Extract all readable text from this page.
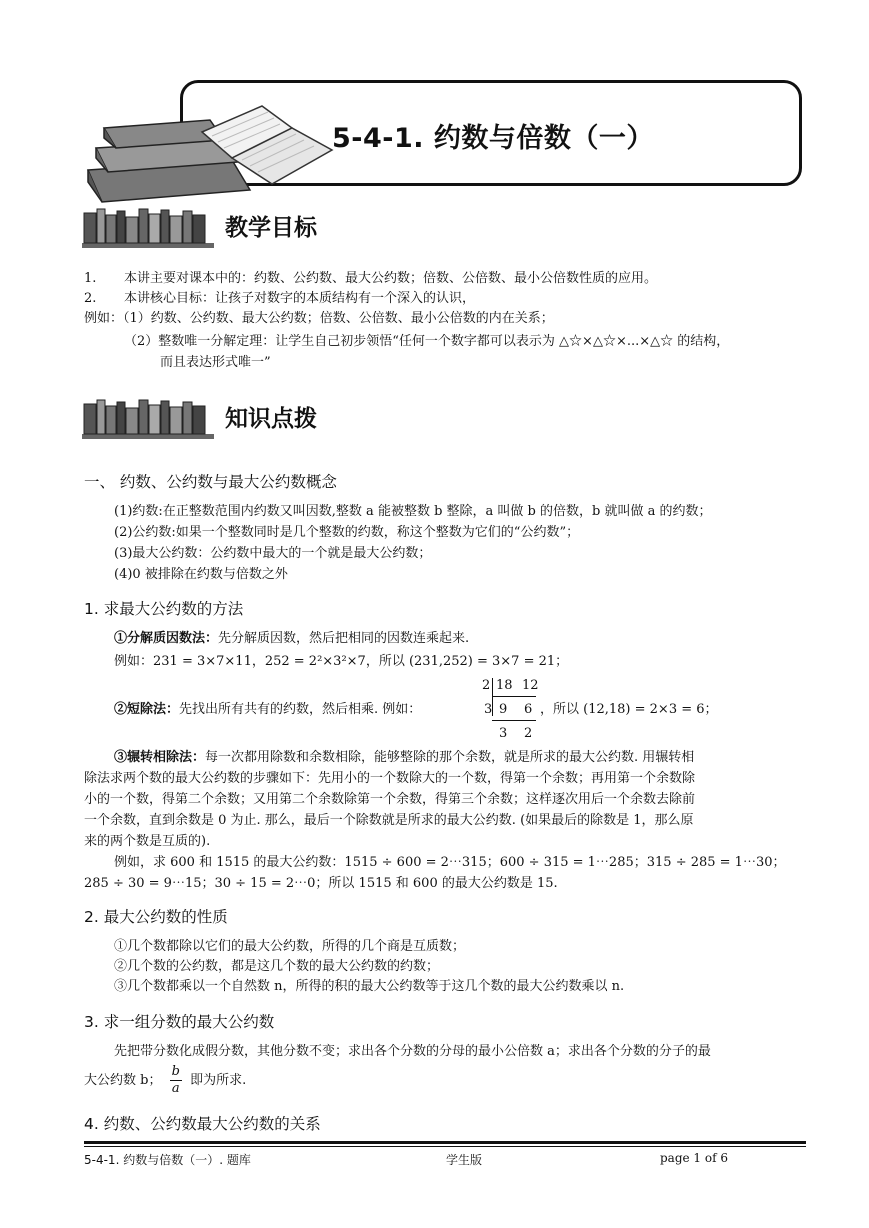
5-4-1. 约数与倍数（一）
教学目标
1. 本讲主要对课本中的：约数、公约数、最大公约数；倍数、公倍数、最小公倍数性质的应用。
2. 本讲核心目标：让孩子对数字的本质结构有一个深入的认识，
例如：（1）约数、公约数、最大公约数；倍数、公倍数、最小公倍数的内在关系；
（2）整数唯一分解定理：让学生自己初步领悟“任何一个数字都可以表示为 △☆×△☆×...×△☆ 的结构，
而且表达形式唯一”
知识点拨
一、 约数、公约数与最大公约数概念
(1)约数:在正整数范围内约数又叫因数,整数 a 能被整数 b 整除，a 叫做 b 的倍数，b 就叫做 a 的约数；
(2)公约数:如果一个整数同时是几个整数的约数，称这个整数为它们的“公约数”；
(3)最大公约数：公约数中最大的一个就是最大公约数；
(4)0 被排除在约数与倍数之外
1. 求最大公约数的方法
①分解质因数法：先分解质因数，然后把相同的因数连乘起来.
例如：231 = 3×7×11，252 = 2²×3²×7，所以 (231,252) = 3×7 = 21；
②短除法：先找出所有共有的约数，然后相乘. 例如：
2 18 12
3 9 6
3 2
，所以 (12,18) = 2×3 = 6；
③辗转相除法：每一次都用除数和余数相除，能够整除的那个余数，就是所求的最大公约数. 用辗转相
除法求两个数的最大公约数的步骤如下：先用小的一个数除大的一个数，得第一个余数；再用第一个余数除
小的一个数，得第二个余数；又用第二个余数除第一个余数，得第三个余数；这样逐次用后一个余数去除前
一个余数，直到余数是 0 为止. 那么，最后一个除数就是所求的最大公约数. (如果最后的除数是 1，那么原
来的两个数是互质的).
例如，求 600 和 1515 的最大公约数：1515 ÷ 600 = 2⋯315；600 ÷ 315 = 1⋯285；315 ÷ 285 = 1⋯30；
285 ÷ 30 = 9⋯15；30 ÷ 15 = 2⋯0；所以 1515 和 600 的最大公约数是 15.
2. 最大公约数的性质
①几个数都除以它们的最大公约数，所得的几个商是互质数；
②几个数的公约数，都是这几个数的最大公约数的约数；
③几个数都乘以一个自然数 n，所得的积的最大公约数等于这几个数的最大公约数乘以 n.
3. 求一组分数的最大公约数
先把带分数化成假分数，其他分数不变；求出各个分数的分母的最小公倍数 a；求出各个分数的分子的最
大公约数 b； $\frac{b}{a}$ 即为所求.
4. 约数、公约数最大公约数的关系
5-4-1. 约数与倍数（一）. 题库	学生版	page 1 of 6
